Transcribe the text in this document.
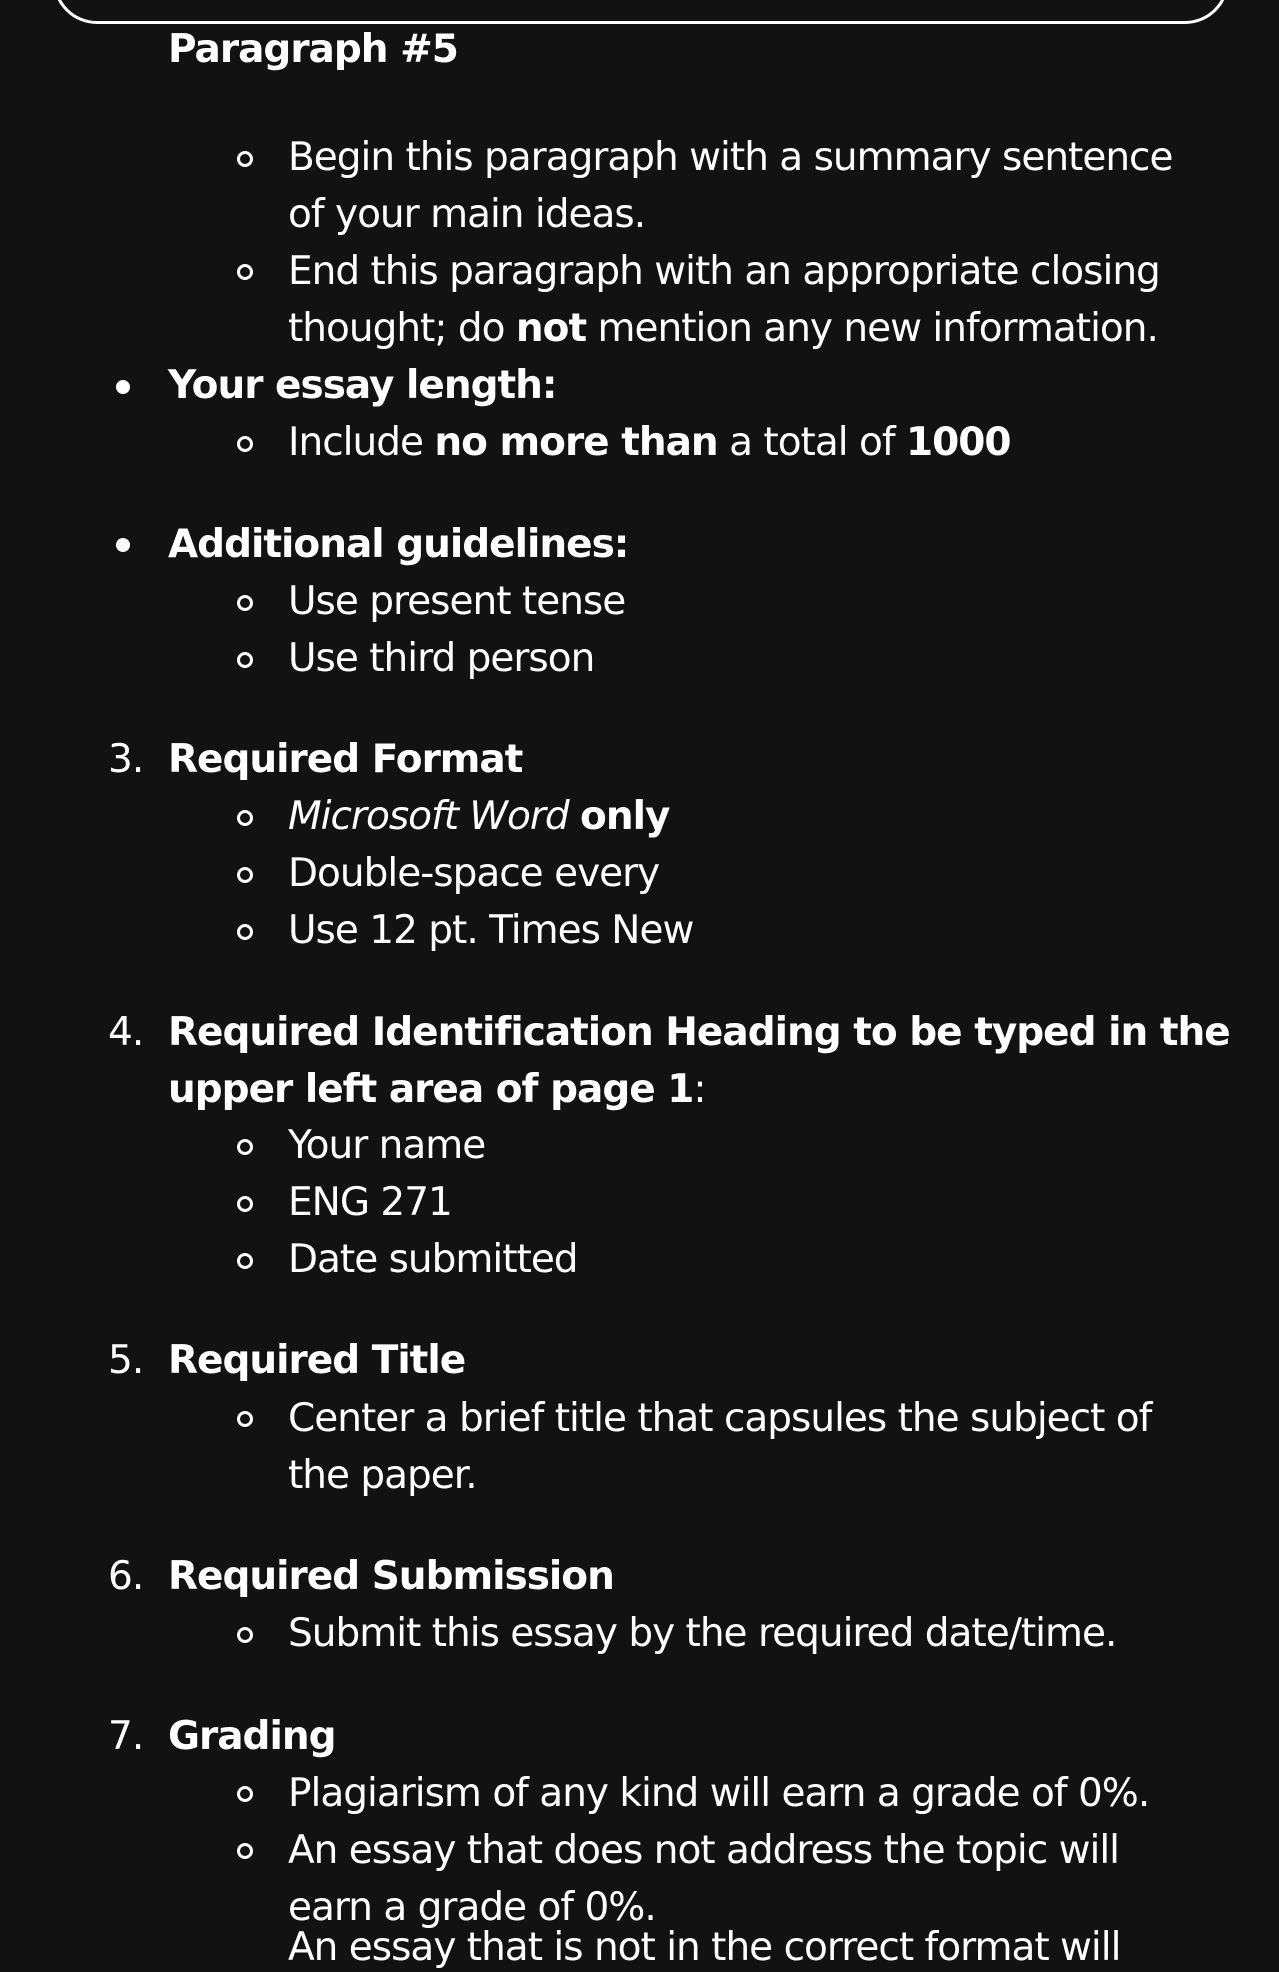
Paragraph #5
Begin this paragraph with a summary sentence
of your main ideas.
End this paragraph with an appropriate closing
thought; do not mention any new information.
Your essay length:
Include no more than a total of 1000
Additional guidelines:
Use present tense
Use third person
3. Required Format
Microsoft Word only
Double-space every
Use 12 pt. Times New
4. Required Identification Heading to be typed in the
upper left area of page 1:
Your name
ENG 271
Date submitted
5. Required Title
Center a brief title that capsules the subject of
the paper.
6. Required Submission
Submit this essay by the required date/time.
7. Grading
Plagiarism of any kind will earn a grade of 0%.
An essay that does not address the topic will
earn a grade of 0%.
An essay that is not in the correct format will
